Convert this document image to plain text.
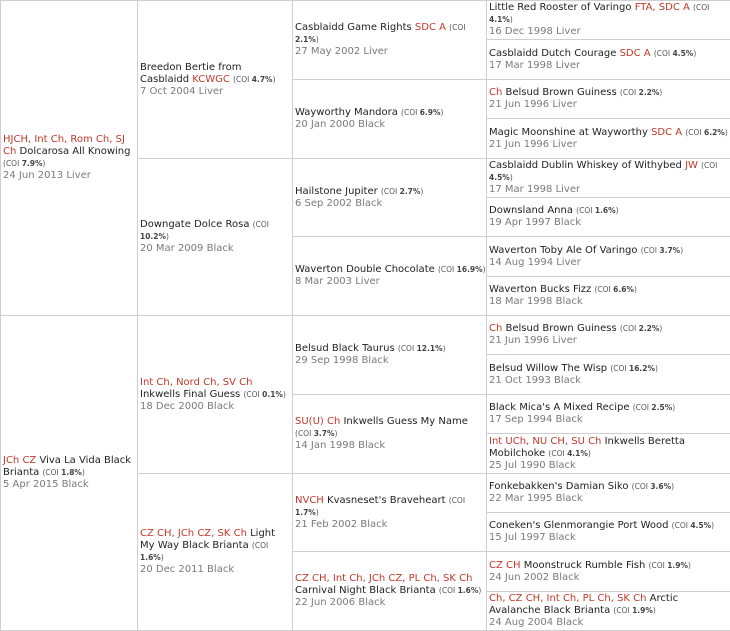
HJCH, Int Ch, Rom Ch, SJ Ch Dolcarosa All Knowing (COI 7.9%)
24 Jun 2013 Liver
JCh CZ Viva La Vida Black Brianta (COI 1.8%)
5 Apr 2015 Black
Breedon Bertie from Casblaidd KCWGC (COI 4.7%)
7 Oct 2004 Liver
Downgate Dolce Rosa (COI 10.2%)
20 Mar 2009 Black
Int Ch, Nord Ch, SV Ch Inkwells Final Guess (COI 0.1%)
18 Dec 2000 Black
CZ CH, JCh CZ, SK Ch Light My Way Black Brianta (COI 1.6%)
20 Dec 2011 Black
Casblaidd Game Rights SDC A (COI 2.1%)
27 May 2002 Liver
Wayworthy Mandora (COI 6.9%)
20 Jan 2000 Black
Hailstone Jupiter (COI 2.7%)
6 Sep 2002 Black
Waverton Double Chocolate (COI 16.9%)
8 Mar 2003 Liver
Belsud Black Taurus (COI 12.1%)
29 Sep 1998 Black
SU(U) Ch Inkwells Guess My Name (COI 3.7%)
14 Jan 1998 Black
NVCH Kvasneset's Braveheart (COI 1.7%)
21 Feb 2002 Black
CZ CH, Int Ch, JCh CZ, PL Ch, SK Ch Carnival Night Black Brianta (COI 1.6%)
22 Jun 2006 Black
Little Red Rooster of Varingo FTA, SDC A (COI 4.1%)
16 Dec 1998 Liver
Casblaidd Dutch Courage SDC A (COI 4.5%)
17 Mar 1998 Liver
Ch Belsud Brown Guiness (COI 2.2%)
21 Jun 1996 Liver
Magic Moonshine at Wayworthy SDC A (COI 6.2%)
21 Jun 1996 Liver
Casblaidd Dublin Whiskey of Withybed JW (COI 4.5%)
17 Mar 1998 Liver
Downsland Anna (COI 1.6%)
19 Apr 1997 Black
Waverton Toby Ale Of Varingo (COI 3.7%)
14 Aug 1994 Liver
Waverton Bucks Fizz (COI 6.6%)
18 Mar 1998 Black
Ch Belsud Brown Guiness (COI 2.2%)
21 Jun 1996 Liver
Belsud Willow The Wisp (COI 16.2%)
21 Oct 1993 Black
Black Mica's A Mixed Recipe (COI 2.5%)
17 Sep 1994 Black
Int UCh, NU CH, SU Ch Inkwells Beretta Mobilchoke (COI 4.1%)
25 Jul 1990 Black
Fonkebakken's Damian Siko (COI 3.6%)
22 Mar 1995 Black
Coneken's Glenmorangie Port Wood (COI 4.5%)
15 Jul 1997 Black
CZ CH Moonstruck Rumble Fish (COI 1.9%)
24 Jun 2002 Black
Ch, CZ CH, Int Ch, PL Ch, SK Ch Arctic Avalanche Black Brianta (COI 1.9%)
24 Aug 2004 Black
